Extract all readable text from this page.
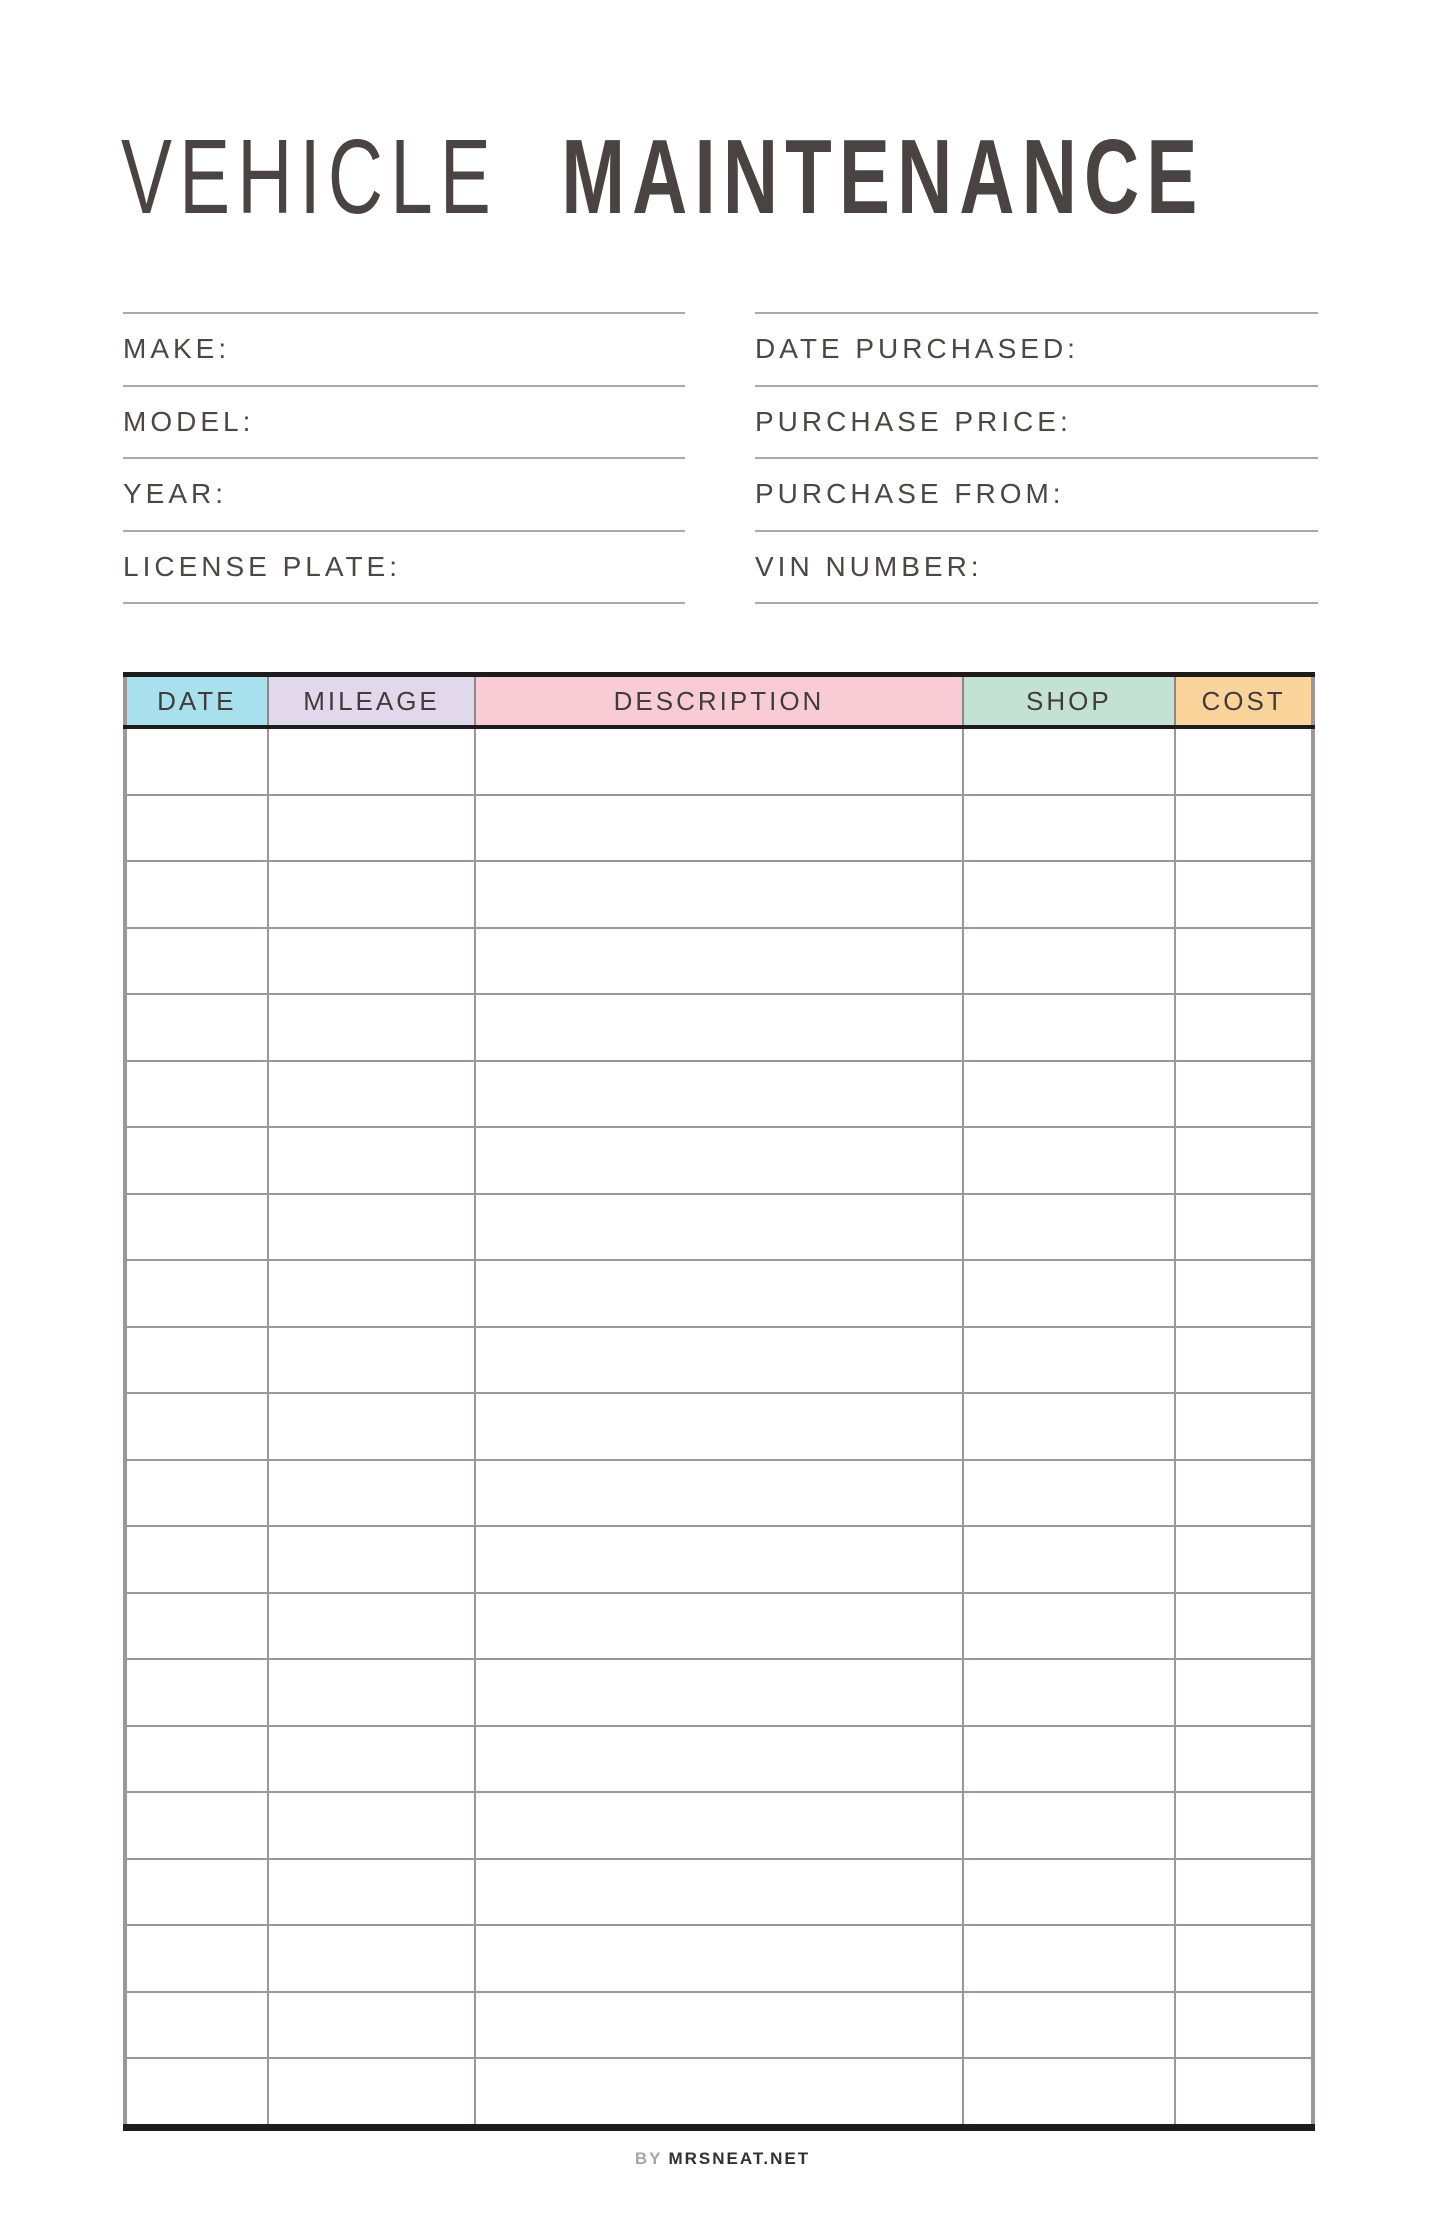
VEHICLE MAINTENANCE
MAKE:
MODEL:
YEAR:
LICENSE PLATE:
DATE PURCHASED:
PURCHASE PRICE:
PURCHASE FROM:
VIN NUMBER:
DATE	MILEAGE	DESCRIPTION	SHOP	COST

BY MRSNEAT.NET
